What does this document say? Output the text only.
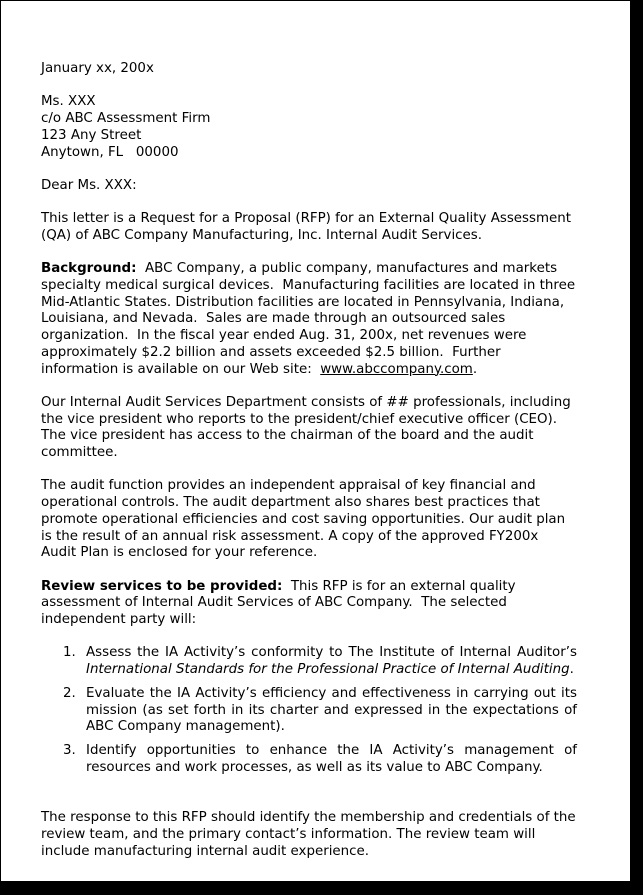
January xx, 200x

Ms. XXX
c/o ABC Assessment Firm
123 Any Street
Anytown, FL   00000

Dear Ms. XXX:

This letter is a Request for a Proposal (RFP) for an External Quality Assessment (QA) of ABC Company Manufacturing, Inc. Internal Audit Services.

Background:  ABC Company, a public company, manufactures and markets specialty medical surgical devices.  Manufacturing facilities are located in three Mid-Atlantic States. Distribution facilities are located in Pennsylvania, Indiana, Louisiana, and Nevada.  Sales are made through an outsourced sales organization.  In the fiscal year ended Aug. 31, 200x, net revenues were approximately $2.2 billion and assets exceeded $2.5 billion.  Further information is available on our Web site:  www.abccompany.com.

Our Internal Audit Services Department consists of ## professionals, including the vice president who reports to the president/chief executive officer (CEO). The vice president has access to the chairman of the board and the audit committee.

The audit function provides an independent appraisal of key financial and operational controls. The audit department also shares best practices that promote operational efficiencies and cost saving opportunities. Our audit plan is the result of an annual risk assessment. A copy of the approved FY200x Audit Plan is enclosed for your reference.

Review services to be provided:  This RFP is for an external quality assessment of Internal Audit Services of ABC Company.  The selected independent party will:

1. Assess the IA Activity’s conformity to The Institute of Internal Auditor’s International Standards for the Professional Practice of Internal Auditing.
2. Evaluate the IA Activity’s efficiency and effectiveness in carrying out its mission (as set forth in its charter and expressed in the expectations of ABC Company management).
3. Identify opportunities to enhance the IA Activity’s management of resources and work processes, as well as its value to ABC Company.

The response to this RFP should identify the membership and credentials of the review team, and the primary contact’s information. The review team will include manufacturing internal audit experience.
